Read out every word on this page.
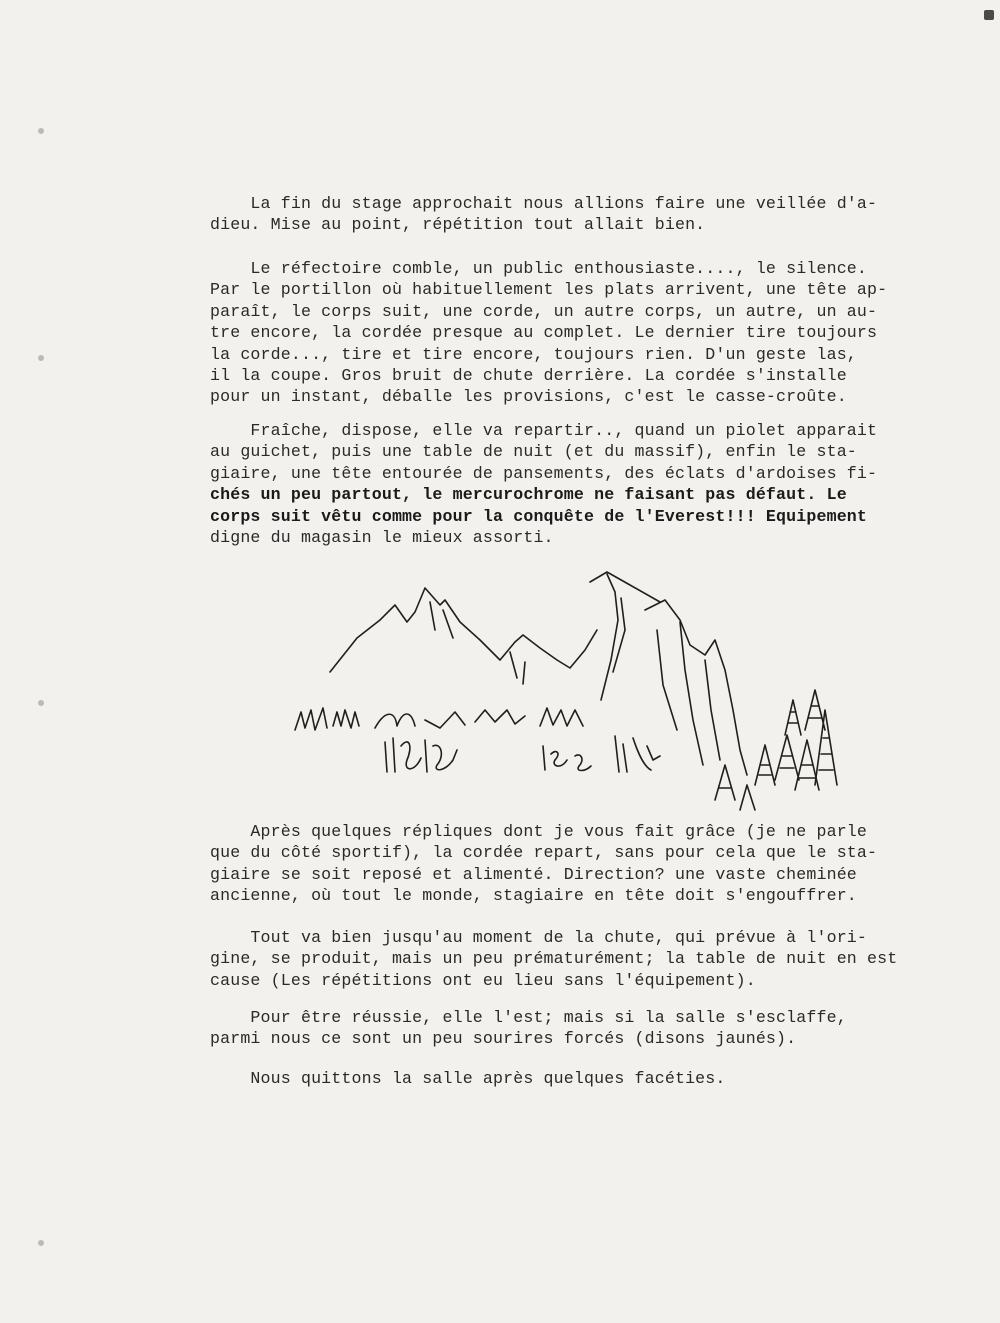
La fin du stage approchait nous allions faire une veillée d'a-
dieu. Mise au point, répétition tout allait bien.
Le réfectoire comble, un public enthousiaste...., le silence.
Par le portillon où habituellement les plats arrivent, une tête ap-
paraît, le corps suit, une corde, un autre corps, un autre, un au-
tre encore, la cordée presque au complet. Le dernier tire toujours
la corde..., tire et tire encore, toujours rien. D'un geste las,
il la coupe. Gros bruit de chute derrière. La cordée s'installe
pour un instant, déballe les provisions, c'est le casse-croûte.
Fraîche, dispose, elle va repartir.., quand un piolet apparait
au guichet, puis une table de nuit (et du massif), enfin le sta-
giaire, une tête entourée de pansements, des éclats d'ardoises fi-
chés un peu partout, le mercurochrome ne faisant pas défaut. Le
corps suit vêtu comme pour la conquête de l'Everest!!! Equipement
digne du magasin le mieux assorti.
Après quelques répliques dont je vous fait grâce (je ne parle
que du côté sportif), la cordée repart, sans pour cela que le sta-
giaire se soit reposé et alimenté. Direction? une vaste cheminée
ancienne, où tout le monde, stagiaire en tête doit s'engouffrer.
Tout va bien jusqu'au moment de la chute, qui prévue à l'ori-
gine, se produit, mais un peu prématurément; la table de nuit en est
cause (Les répétitions ont eu lieu sans l'équipement).
Pour être réussie, elle l'est; mais si la salle s'esclaffe,
parmi nous ce sont un peu sourires forcés (disons jaunés).
Nous quittons la salle après quelques facéties.
